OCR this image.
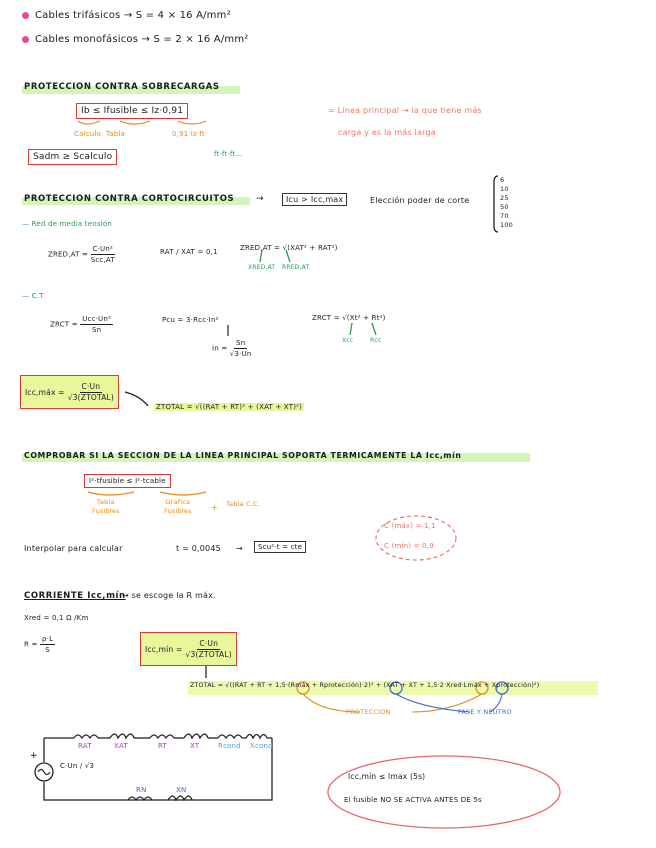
+
Cables trifásicos → S = 4 × 16 A/mm²
Cables monofásicos → S = 2 × 16 A/mm²
PROTECCION CONTRA SOBRECARGAS
Ib ≤ Ifusible ≤ Iz·0,91
Calculo Tabla	0,91·Iz·ft
ft·ft·ft...
Sadm ≥ Scalculo
= Línea principal → la que tiene más
carga y es la más larga
PROTECCION CONTRA CORTOCIRCUITOS →	Icu > Icc,max	Elección poder de corte
6
10
25
50
70
100
— Red de media tensión
ZRED,AT = $\frac{\text{C·Un²}}{\text{Scc,AT}}$	RAT / XAT = 0,1	ZRED,AT = √(XAT² + RAT²)
XRED,AT RRED,AT
— C.T
ZRCT = $\frac{\text{Ucc·Un²}}{Sn}$	Pcu = 3·Rcc·In²
$In = \frac{Sn}{√3\cdot Un}$
ZRCT = √(Xt² + Rt²)
Xcc	Rcc
Icc,máx =
$\frac{C\cdot Un}{\text{√3(ZTOTAL)}}$
ZTOTAL = √((RAT + RT)² + (XAT + XT)²)
COMPROBAR SI LA SECCION DE LA LINEA PRINCIPAL SOPORTA TERMICAMENTE LA Icc,mín
I²·tfusible ≤ I²·tcable
Tabla
Fusibles
Grafica
Fusibles + Tabla C.C.
Interpolar para calcular	t = 0,0045 →	Scu²·t = cte
C (máx) = 1,1
C (mín) = 0,9
CORRIENTE Icc,mín
→ se escoge la R máx.
Xred = 0,1 Ω /Km
$R = \frac{\rho\cdot L}{S}$	Icc,mín =
$\frac{C\cdot Un}{\text{√3(ZTOTAL)}}$
ZTOTAL = √((RAT + RT + 1,5·(Rmáx + Rprotección)·2)² + (XAT + XT + 1,5·2·Xred·Lmáx + Xprotección)²)
PROTECCION	FASE Y NEUTRO
C·Un / √3
RAT	XAT	RT	XT	Rcond Xcond
RN	XN
Icc,mín ≤ Imax (5s)
El fusible NO SE ACTIVA ANTES DE 5s
